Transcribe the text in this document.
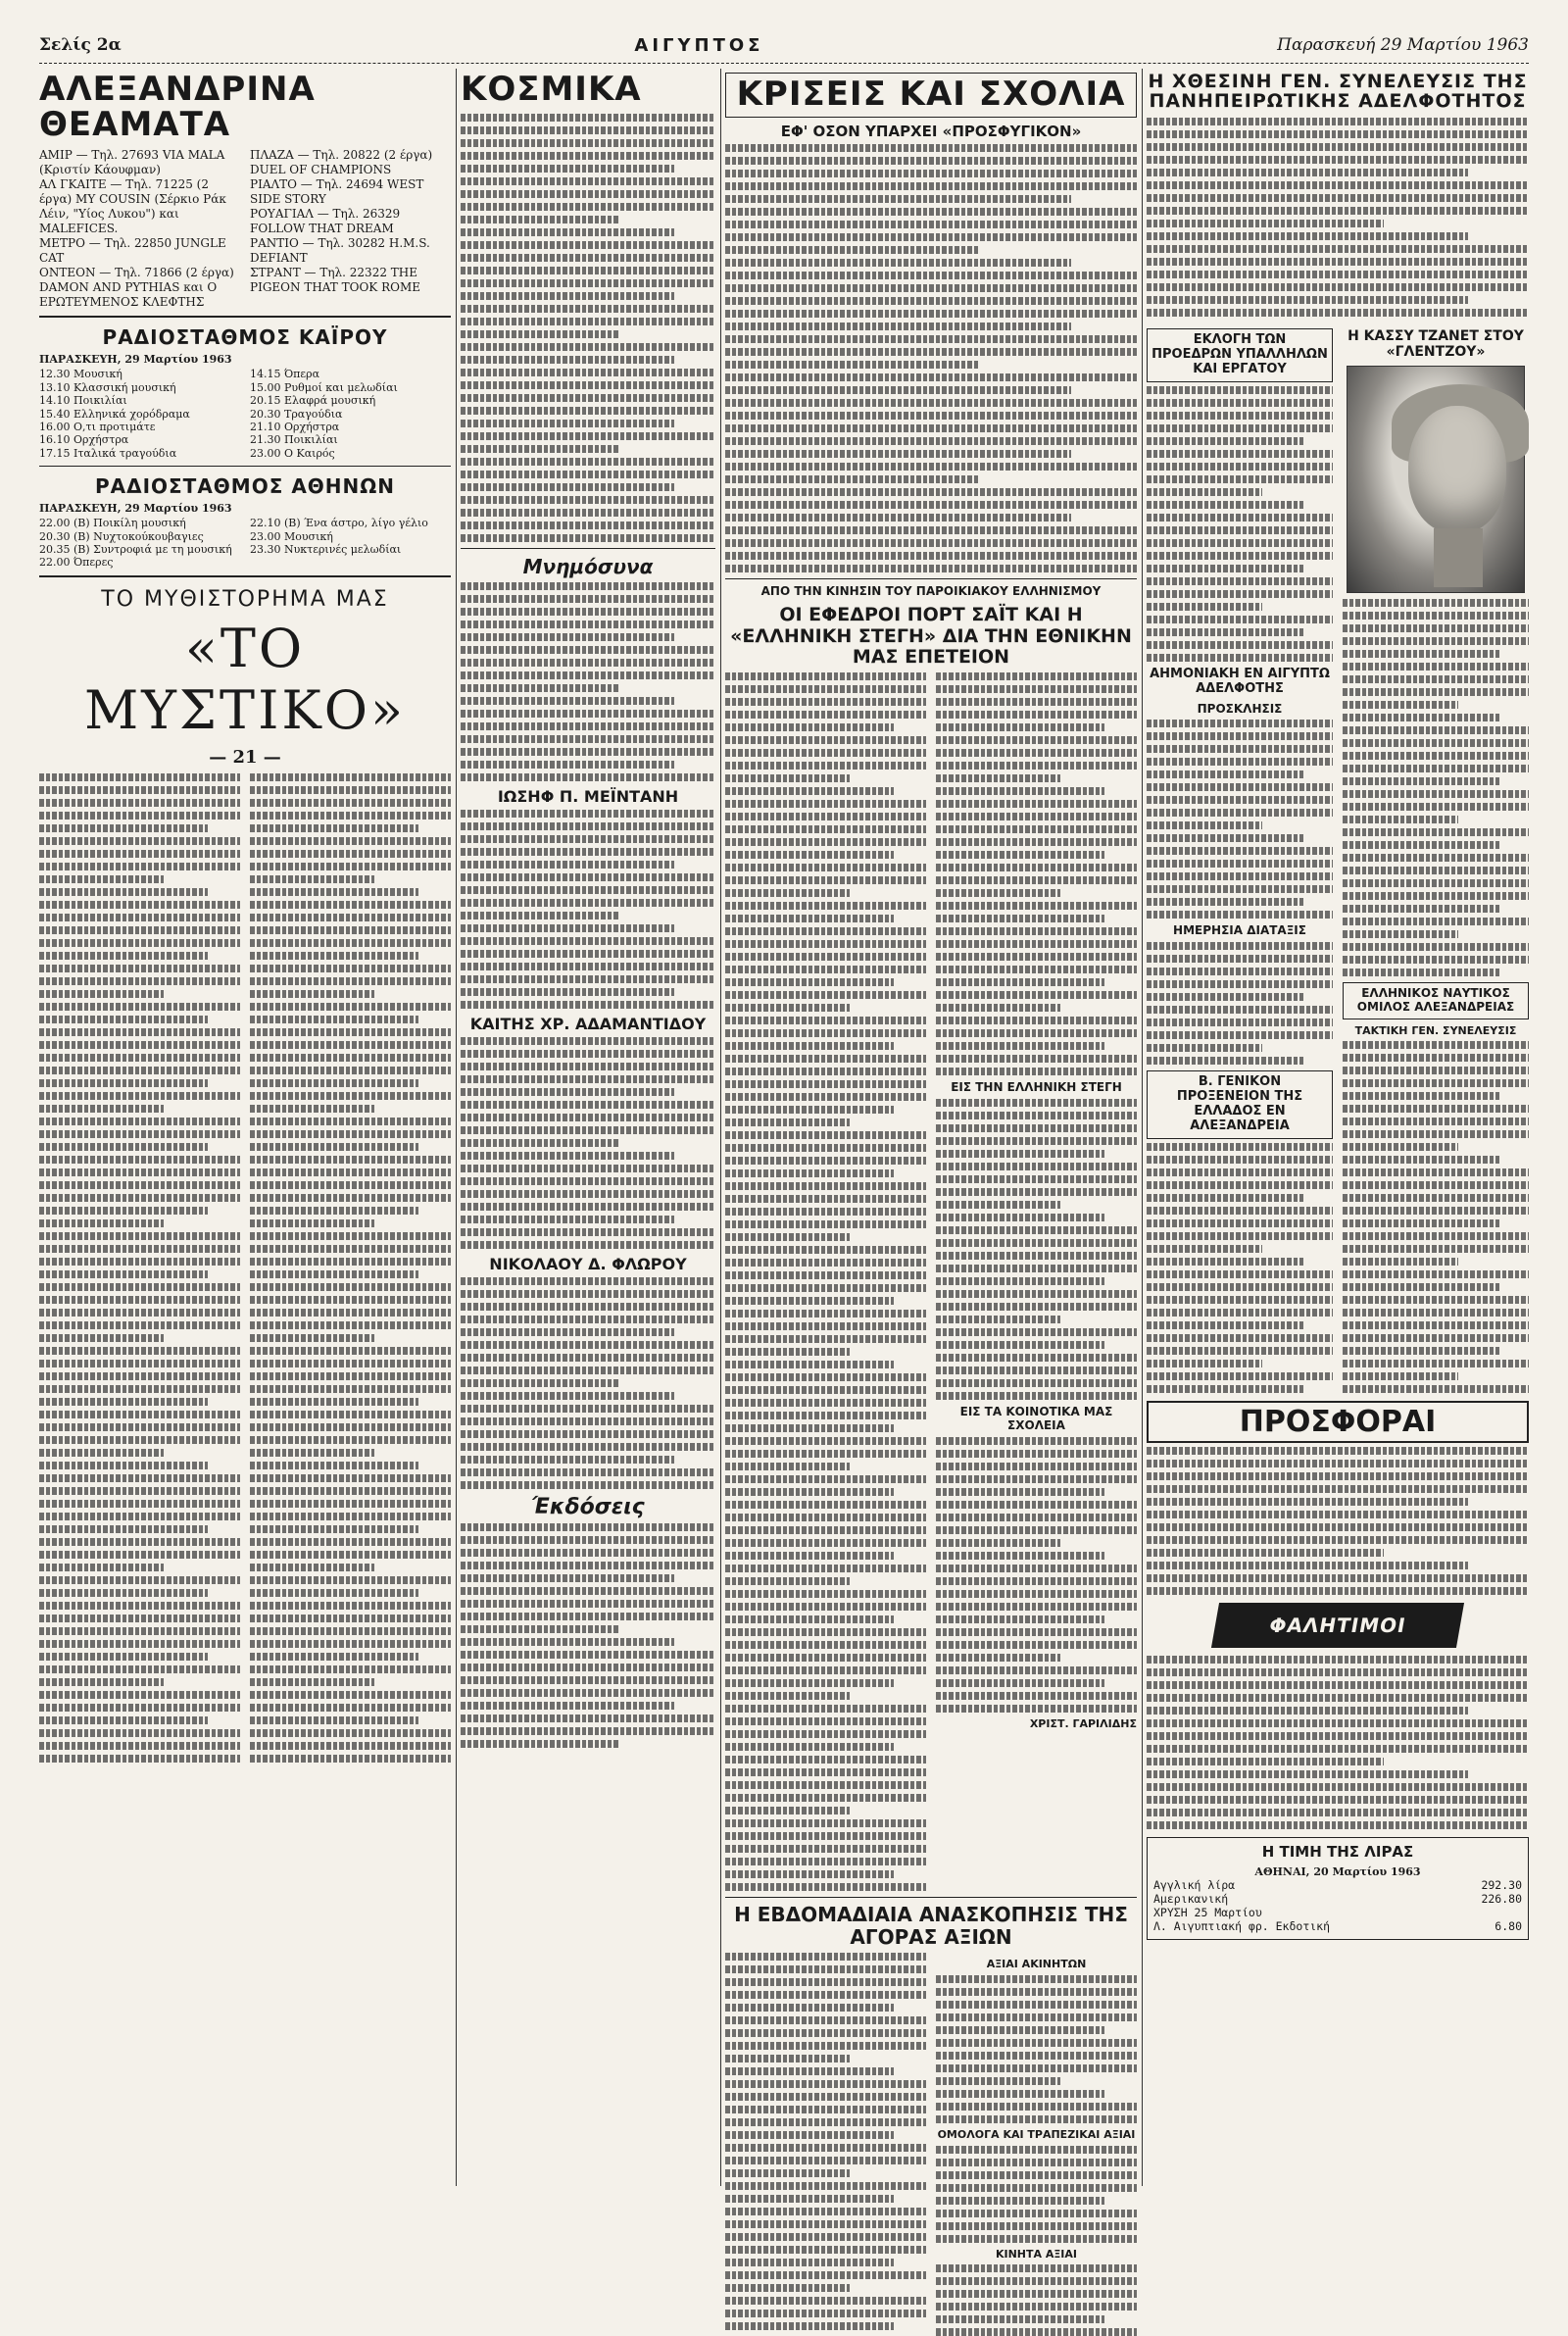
Σελίς 2α	ΑΙΓΥΠΤΟΣ	Παρασκευή 29 Μαρτίου 1963
ΑΛΕΞΑΝΔΡΙΝΑ ΘΕΑΜΑΤΑ
ΑΜΙΡ — Τηλ. 27693 VIA MALA (Κριστίν Κάουφμαν)
ΑΛ ΓΚΑΙΤΕ — Τηλ. 71225 (2 έργα) MY COUSIN (Σέρκιο Ράκ Λέιν, "Υίος Λυκου") και MALEFICES.
ΜΕΤΡΟ — Τηλ. 22850 JUNGLE CAT
ΟΝΤΕΟΝ — Τηλ. 71866 (2 έργα) DAMON AND PYTHIAS και Ο ΕΡΩΤΕΥΜΕΝΟΣ ΚΛΕΦΤΗΣ
ΠΛΑΖΑ — Τηλ. 20822 (2 έργα) DUEL OF CHAMPIONS
ΡΙΑΛΤΟ — Τηλ. 24694 WEST SIDE STORY
ΡΟΥΑΓΙΑΛ — Τηλ. 26329 FOLLOW THAT DREAM
ΡΑΝΤΙΟ — Τηλ. 30282 H.M.S. DEFIANT
ΣΤΡΑΝΤ — Τηλ. 22322 THE PIGEON THAT TOOK ROME
ΡΑΔΙΟΣΤΑΘΜΟΣ ΚΑΪΡΟΥ
ΠΑΡΑΣΚΕΥΗ, 29 Μαρτίου 1963
12.30 Μουσική
13.10 Κλασσική μουσική
14.10 Ποικιλίαι
15.40 Ελληνικά χορόδραμα
16.00 Ο,τι προτιμάτε
16.10 Ορχήστρα
17.15 Ιταλικά τραγούδια
14.15 Όπερα
15.00 Ρυθμοί και μελωδίαι
20.15 Ελαφρά μουσική
20.30 Τραγούδια
21.10 Ορχήστρα
21.30 Ποικιλίαι
23.00 Ο Καιρός
ΡΑΔΙΟΣΤΑΘΜΟΣ ΑΘΗΝΩΝ
ΠΑΡΑΣΚΕΥΗ, 29 Μαρτίου 1963
22.00 (B) Ποικίλη μουσική
20.30 (B) Νυχτοκούκουβαγιες
20.35 (B) Συντροφιά με τη μουσική
22.00 Όπερες
22.10 (B) Ένα άστρο, λίγο γέλιο
23.00 Μουσική
23.30 Νυκτερινές μελωδίαι
ΤΟ ΜΥΘΙΣΤΟΡΗΜΑ ΜΑΣ
«ΤΟ ΜΥΣΤΙΚΟ»
— 21 —
ΚΟΣΜΙΚΑ
Μνημόσυνα
ΙΩΣΗΦ Π. ΜΕΪΝΤΑΝΗ
ΚΑΙΤΗΣ ΧΡ. ΑΔΑΜΑΝΤΙΔΟΥ
ΝΙΚΟΛΑΟΥ Δ. ΦΛΩΡΟΥ
Έκδόσεις
ΚΡΙΣΕΙΣ ΚΑΙ ΣΧΟΛΙΑ
ΕΦ' ΟΣΟΝ ΥΠΑΡΧΕΙ «ΠΡΟΣΦΥΓΙΚΟΝ»
ΑΠΟ ΤΗΝ ΚΙΝΗΣΙΝ ΤΟΥ ΠΑΡΟΙΚΙΑΚΟΥ ΕΛΛΗΝΙΣΜΟΥ
ΟΙ ΕΦΕΔΡΟΙ ΠΟΡΤ ΣΑΪΤ ΚΑΙ Η «ΕΛΛΗΝΙΚΗ ΣΤΕΓΗ» ΔΙΑ ΤΗΝ ΕΘΝΙΚΗΝ ΜΑΣ ΕΠΕΤΕΙΟΝ
ΕΙΣ ΤΗΝ ΕΛΛΗΝΙΚΗ ΣΤΕΓΗ
ΕΙΣ ΤΑ ΚΟΙΝΟΤΙΚΑ ΜΑΣ ΣΧΟΛΕΙΑ
ΧΡΙΣΤ. ΓΑΡΙΛΙΔΗΣ
Η ΕΒΔΟΜΑΔΙΑΙΑ ΑΝΑΣΚΟΠΗΣΙΣ ΤΗΣ ΑΓΟΡΑΣ ΑΞΙΩΝ
ΑΞΙΑΙ ΑΚΙΝΗΤΩΝ
ΟΜΟΛΟΓΑ ΚΑΙ ΤΡΑΠΕΖΙΚΑΙ ΑΞΙΑΙ
ΚΙΝΗΤΑ ΑΞΙΑΙ
Η ΧΘΕΣΙΝΗ ΓΕΝ. ΣΥΝΕΛΕΥΣΙΣ ΤΗΣ ΠΑΝΗΠΕΙΡΩΤΙΚΗΣ ΑΔΕΛΦΟΤΗΤΟΣ
ΕΚΛΟΓΗ ΤΩΝ ΠΡΟΕΔΡΩΝ ΥΠΑΛΛΗΛΩΝ ΚΑΙ ΕΡΓΑΤΟΥ
ΑΗΜΟΝΙΑΚΗ ΕΝ ΑΙΓΥΠΤΩ ΑΔΕΛΦΟΤΗΣ
ΠΡΟΣΚΛΗΣΙΣ
ΗΜΕΡΗΣΙΑ ΔΙΑΤΑΞΙΣ
Β. ΓΕΝΙΚΟΝ ΠΡΟΞΕΝΕΙΟΝ ΤΗΣ ΕΛΛΑΔΟΣ ΕΝ ΑΛΕΞΑΝΔΡΕΙΑ
Η ΚΑΣΣΥ ΤΖΑΝΕΤ ΣΤΟΥ «ΓΛΕΝΤΖΟΥ»
ΕΛΛΗΝΙΚΟΣ ΝΑΥΤΙΚΟΣ ΟΜΙΛΟΣ ΑΛΕΞΑΝΔΡΕΙΑΣ
ΤΑΚΤΙΚΗ ΓΕΝ. ΣΥΝΕΛΕΥΣΙΣ
ΠΡΟΣΦΟΡΑΙ
ΦΑΛΗΤΙΜΟΙ
Η ΤΙΜΗ ΤΗΣ ΛΙΡΑΣ
ΑΘΗΝΑΙ, 20 Μαρτίου 1963
Αγγλική λίρα	292.30
Αμερικανική	226.80
ΧΡΥΣΗ 25 Μαρτίου
Λ. Αιγυπτιακή φρ. Εκδοτική	6.80
